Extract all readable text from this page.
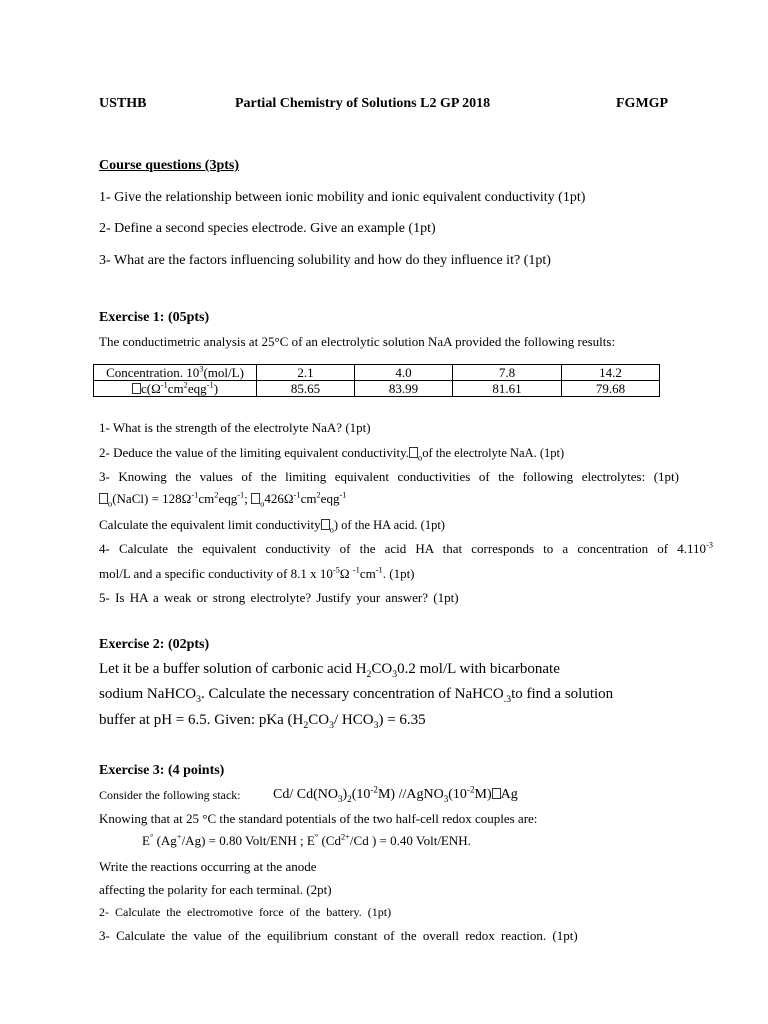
USTHB	Partial Chemistry of Solutions L2 GP 2018	FGMGP
Course questions (3pts)
1- Give the relationship between ionic mobility and ionic equivalent conductivity (1pt)
2- Define a second species electrode. Give an example (1pt)
3- What are the factors influencing solubility and how do they influence it? (1pt)
Exercise 1: (05pts)
The conductimetric analysis at 25°C of an electrolytic solution NaA provided the following results:
Concentration. $10^3(mol/L)$	2.1	4.0	7.8	14.2
$c(\Omega^{-1}cm^2eqg^{-1})$	85.65	83.99	81.61	79.68
1- What is the strength of the electrolyte NaA? (1pt)
2- Deduce the value of the limiting equivalent conductivity. $_o$of the electrolyte NaA. (1pt)
3- Knowing the values of the limiting equivalent conductivities of the following electrolytes: (1pt)
$_o$(NaCl) = $128\Omega^{-1}cm^2eqg^{-1}$; $_o426\Omega^{-1}cm^2eqg^{-1}$
Calculate the equivalent limit conductivity $_o$) of the HA acid. (1pt)
4- Calculate the equivalent conductivity of the acid HA that corresponds to a concentration of $4.110^{-3}$
mol/L and a specific conductivity of 8.1 x $10^{-5}\Omega$ $^{-1}cm^{-1}$. (1pt)
5- Is HA a weak or strong electrolyte? Justify your answer? (1pt)
Exercise 2: (02pts)
Let it be a buffer solution of carbonic acid $H_2CO_30.2$ mol/L with bicarbonate
sodium NaHCO$_3$. Calculate the necessary concentration of NaHCO$_{.3}$to find a solution
buffer at pH = 6.5. Given: pKa ($H_2CO_3/$ $HCO_3) = 6.35$
Exercise 3: (4 points)
Consider the following stack: Cd/ $Cd(NO_3)_2(10^{-2}M)$ $//AgNO_3(10^{-2}M)$ Ag
Knowing that at 25 °C the standard potentials of the two half-cell redox couples are:
E° (Ag+/Ag) = 0.80 Volt/ENH ; E° ($Cd^{2+}/Cd$ ) = 0.40 Volt/ENH.
Write the reactions occurring at the anode
affecting the polarity for each terminal. (2pt)
2- Calculate the electromotive force of the battery. (1pt)
3- Calculate the value of the equilibrium constant of the overall redox reaction. (1pt)
